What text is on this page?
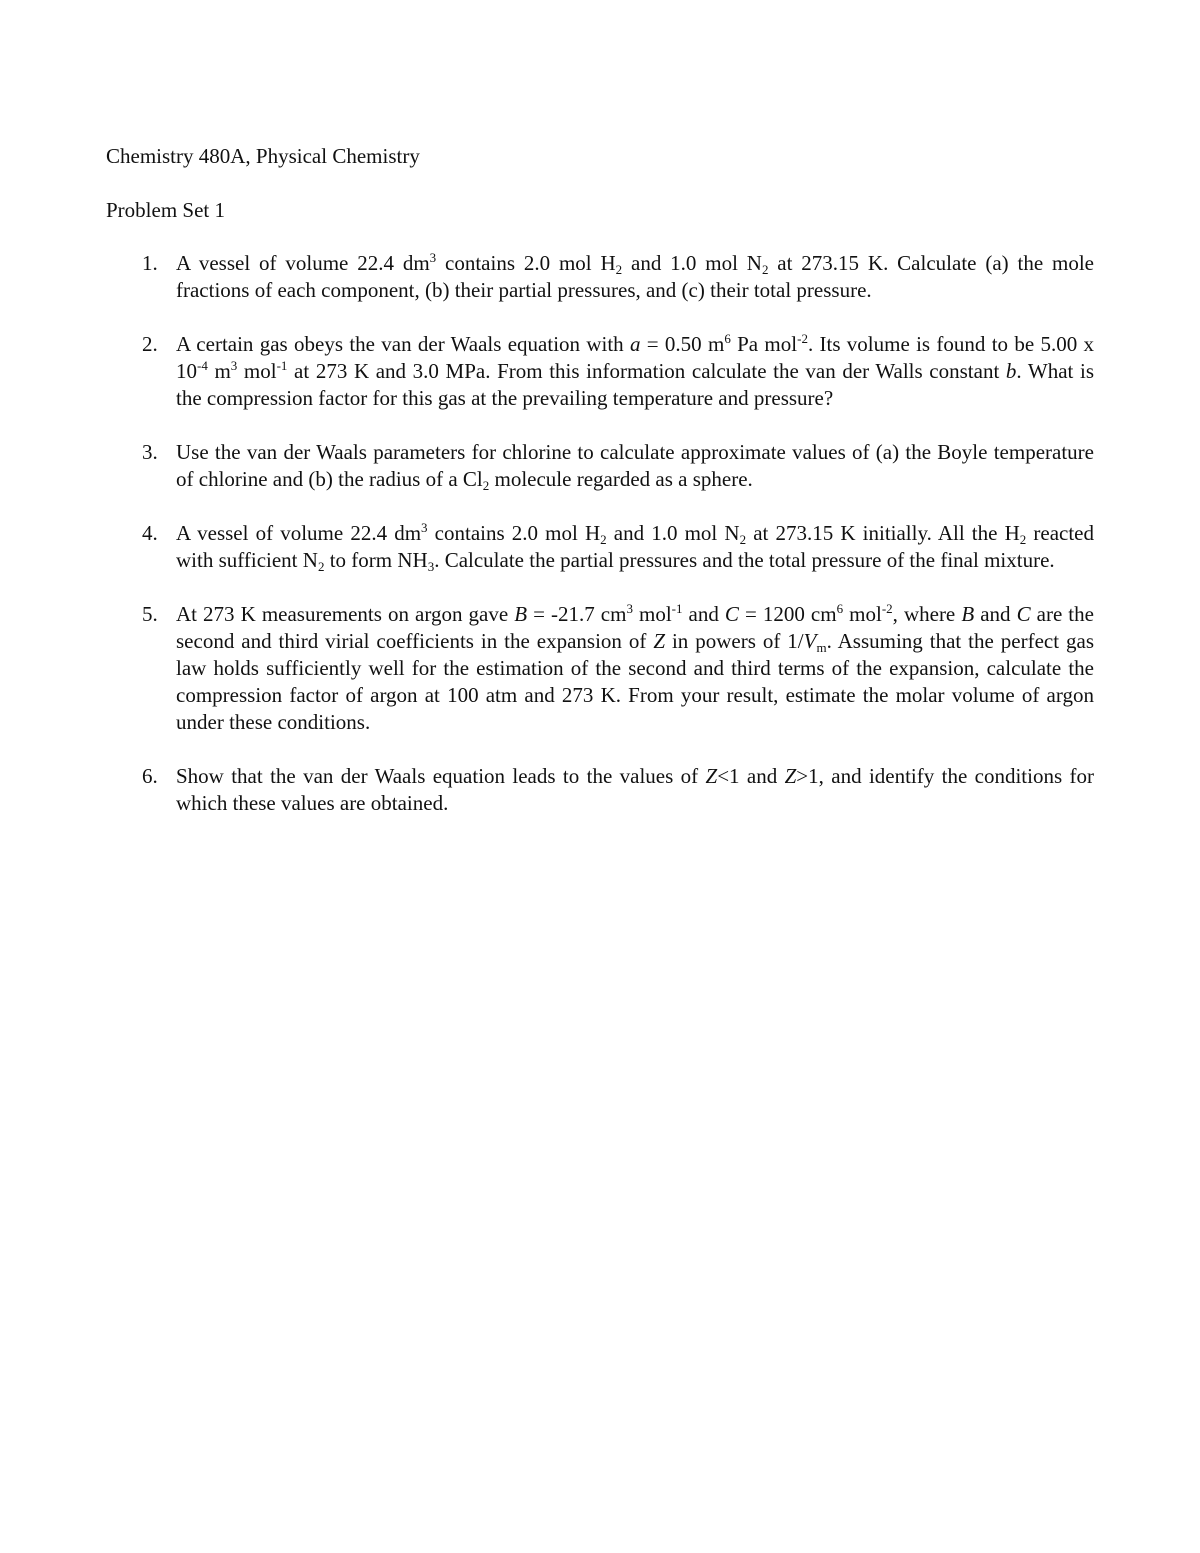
Chemistry 480A, Physical Chemistry
Problem Set 1
1. A vessel of volume 22.4 $dm^3$ contains 2.0 mol $H_2$ and 1.0 mol $N_2$ at 273.15 K. Calculate (a) the mole fractions of each component, (b) their partial pressures, and (c) their total pressure.
2. A certain gas obeys the van der Waals equation with a = 0.50 $m^6$ Pa mol$^{-2}$. Its volume is found to be 5.00 x $10^{-4}$ $m^3$ mol$^{-1}$ at 273 K and 3.0 MPa. From this information calculate the van der Walls constant b. What is the compression factor for this gas at the prevailing temperature and pressure?
3. Use the van der Waals parameters for chlorine to calculate approximate values of (a) the Boyle temperature of chlorine and (b) the radius of a $Cl_2$ molecule regarded as a sphere.
4. A vessel of volume 22.4 $dm^3$ contains 2.0 mol $H_2$ and 1.0 mol $N_2$ at 273.15 K initially. All the $H_2$ reacted with sufficient $N_2$ to form $NH_3$. Calculate the partial pressures and the total pressure of the final mixture.
5. At 273 K measurements on argon gave B = -21.7 $cm^3$ mol$^{-1}$ and C = 1200 $cm^6$ mol$^{-2}$, where B and C are the second and third virial coefficients in the expansion of Z in powers of $1/V_m$. Assuming that the perfect gas law holds sufficiently well for the estimation of the second and third terms of the expansion, calculate the compression factor of argon at 100 atm and 273 K. From your result, estimate the molar volume of argon under these conditions.
6. Show that the van der Waals equation leads to the values of Z<1 and Z>1, and identify the conditions for which these values are obtained.
